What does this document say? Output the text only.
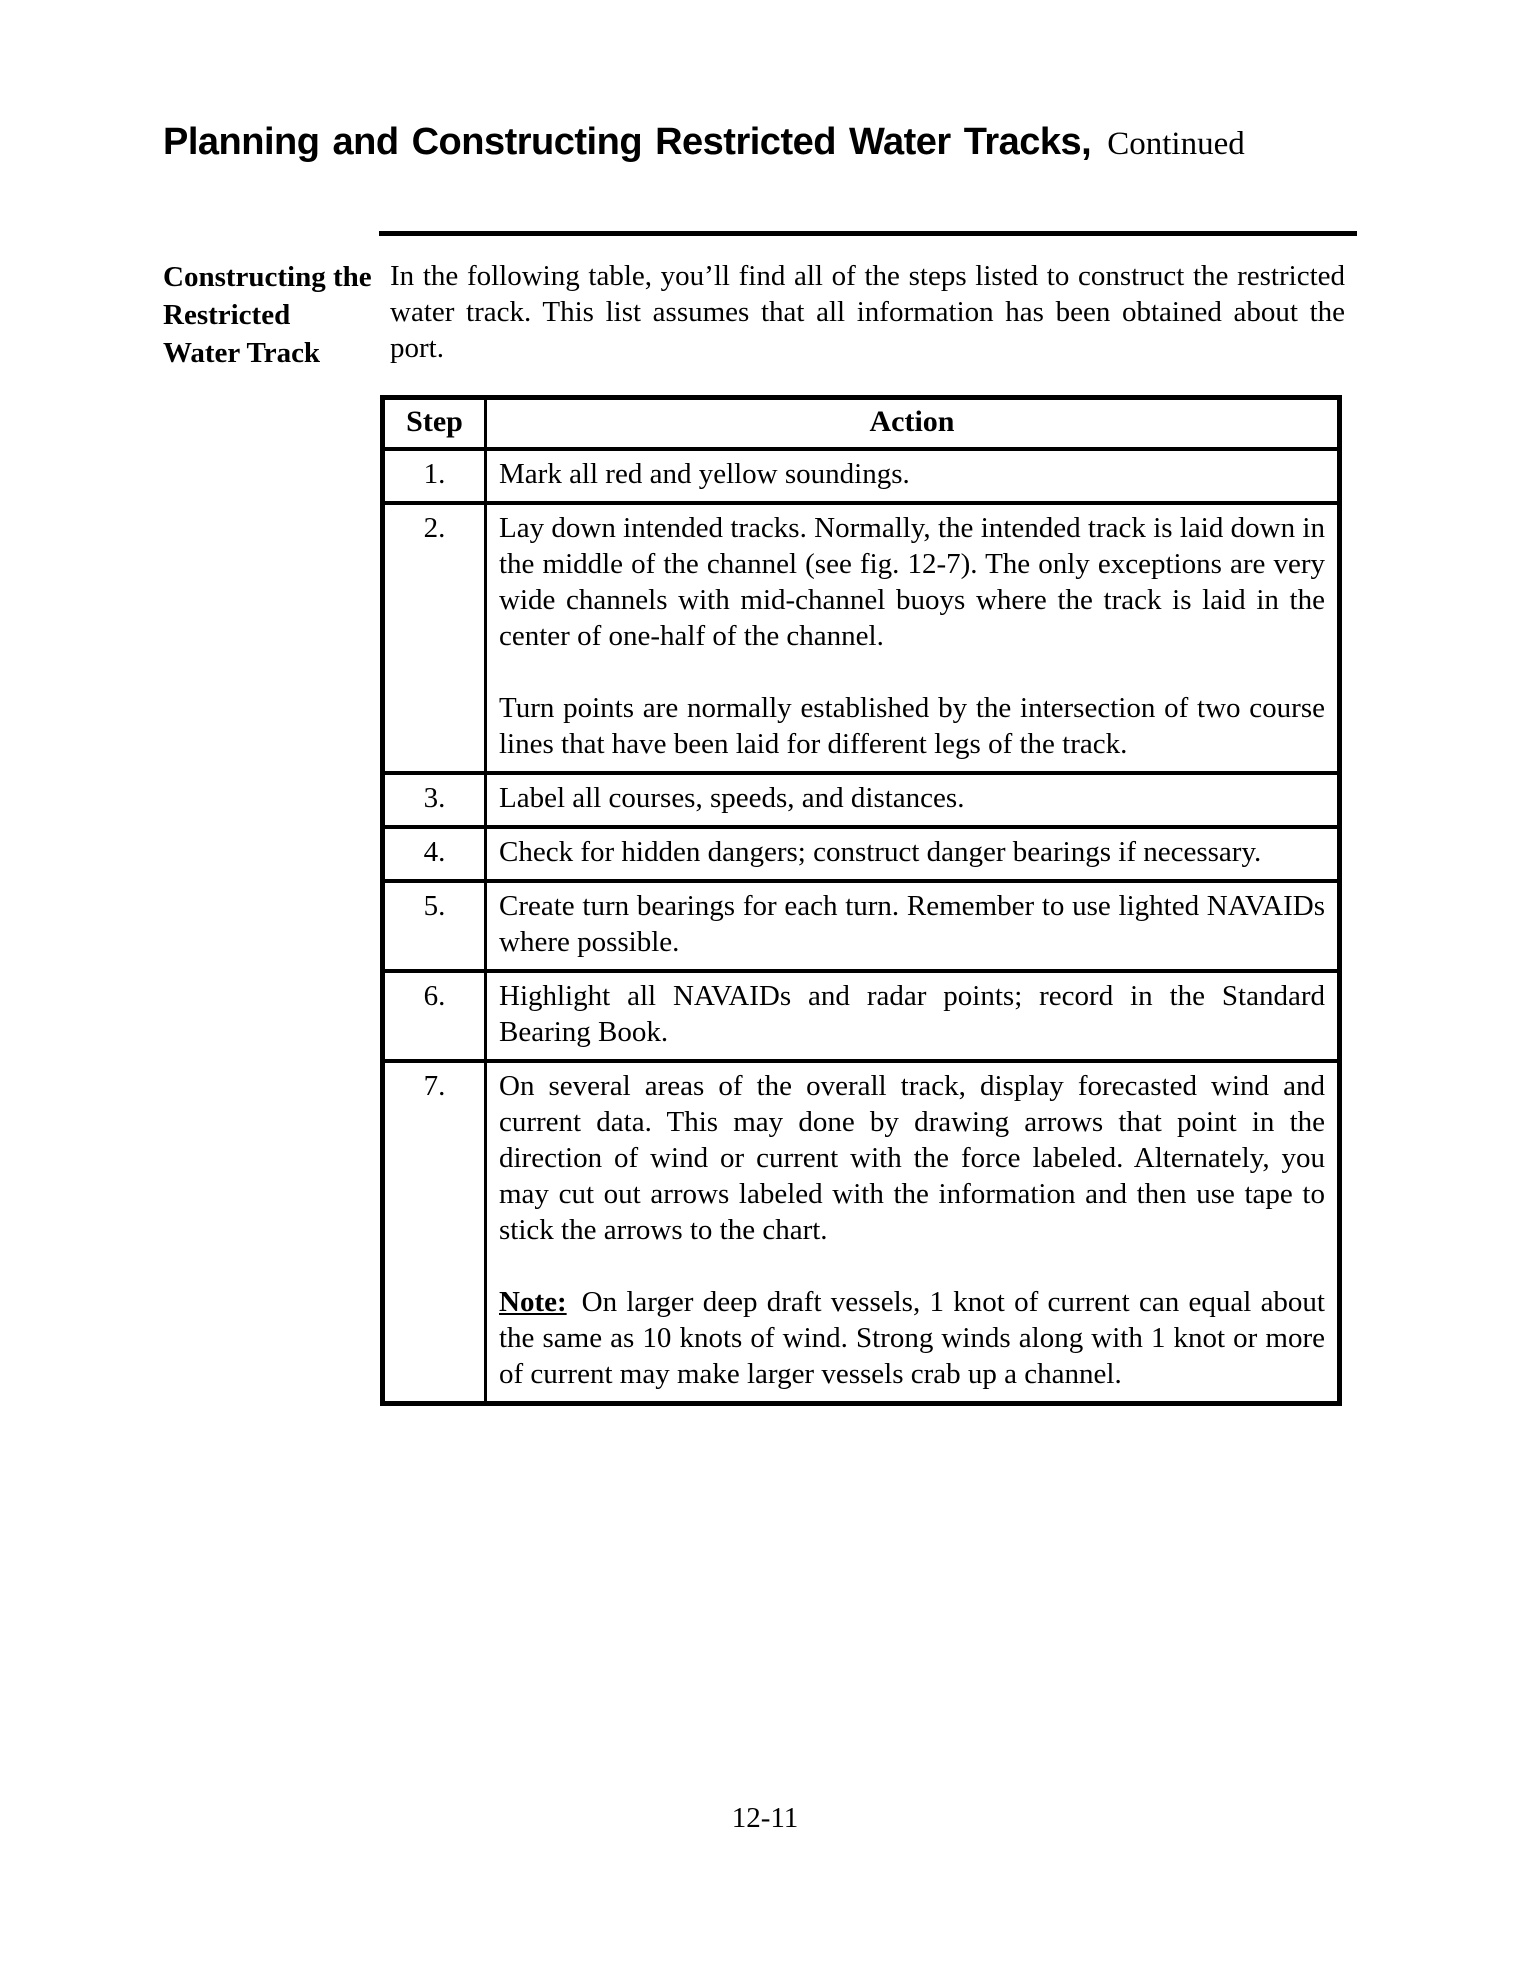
Planning and Constructing Restricted Water Tracks, Continued
Constructing the
Restricted
Water Track
In the following table, you’ll find all of the steps listed to construct the restricted water track. This list assumes that all information has been obtained about the port.
Step	Action
1.	Mark all red and yellow soundings.

2.	Lay down intended tracks. Normally, the intended track is laid down in the middle of the channel (see fig. 12-7). The only exceptions are very wide channels with mid-channel buoys where the track is laid in the center of one-half of the channel.

Turn points are normally established by the intersection of two course lines that have been laid for different legs of the track.

3.	Label all courses, speeds, and distances.

4.	Check for hidden dangers; construct danger bearings if necessary.

5.	Create turn bearings for each turn. Remember to use lighted NAVAIDs where possible.

6.	Highlight all NAVAIDs and radar points; record in the Standard Bearing Book.

7.	On several areas of the overall track, display forecasted wind and current data. This may done by drawing arrows that point in the direction of wind or current with the force labeled. Alternately, you may cut out arrows labeled with the information and then use tape to stick the arrows to the chart.

Note: On larger deep draft vessels, 1 knot of current can equal about the same as 10 knots of wind. Strong winds along with 1 knot or more of current may make larger vessels crab up a channel.

12-11
